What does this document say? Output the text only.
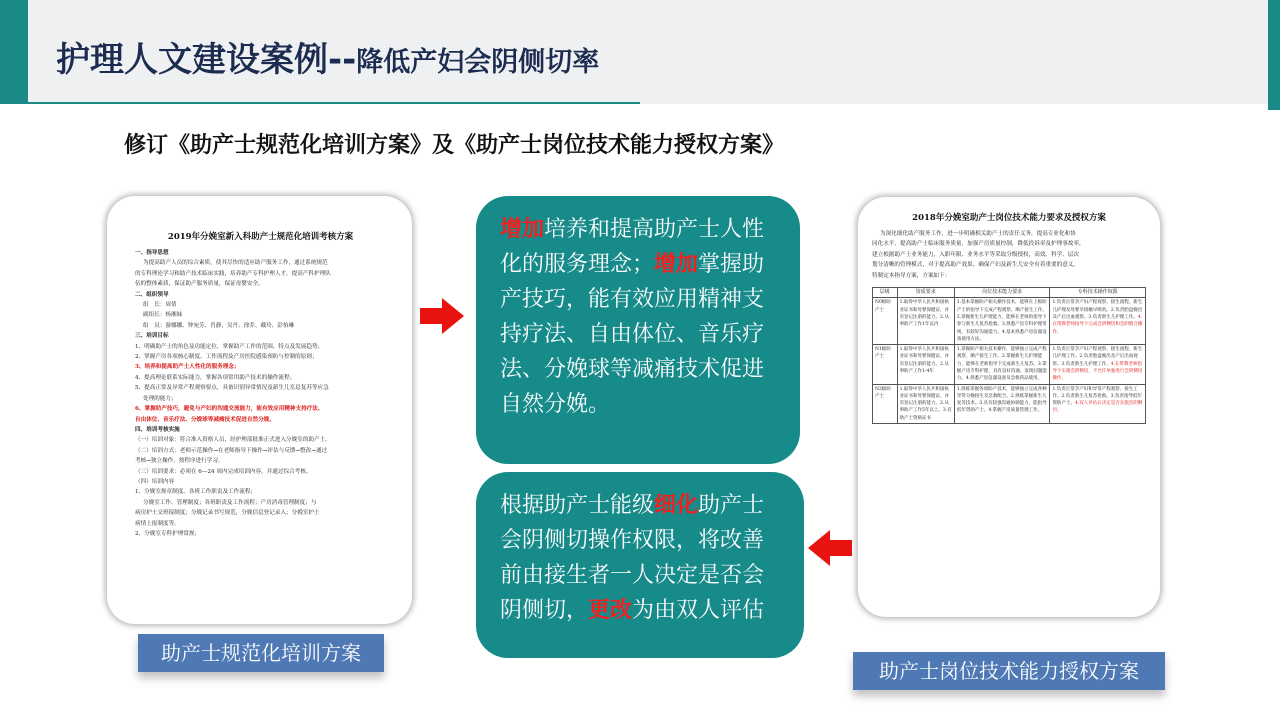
护理人文建设案例--降低产妇会阴侧切率
修订《助产士规范化培训方案》及《助产士岗位技术能力授权方案》
2019年分娩室新入科助产士规范化培训考核方案
一、指导思想
为提高助产人员的综合素质，使其尽快的适应助产服务工作，通过系统规范
的专科理论学习和助产技术临床实践，培养助产专科护理人才，提高产科护理队
伍的整体素质，保证助产服务质量，保证母婴安全。
二、组织领导
组　长：周倩
副组长：杨湘妹
组　员：游娜娜、钟宛芳、肖静、吴丹、徐乔、戴玲、彭怡琳
三、培训目标
1、明确助产士的角色及功能定位，掌握助产工作的范围、特点及发展趋势；
2、掌握产房各项核心制度、工作流程及产房医院感染预防与控制的原则；
3、培养和提高助产士人性化的服务理念；
4、提高理论联系实际能力，掌握各项常用助产技术的操作流程；
5、提高正常及异常产程观察要点，具备识别异常情况及新生儿室息复苏等应急
处理的能力；
6、掌握助产技巧，避免与产妇的沟通交流能力，能有效应用精神支持疗法、
自由体位、音乐疗法、分娩球等减痛技术促进自然分娩。
四、培训考核实施
（一）培训对象：符合准入资格人员，经护理部批准正式进入分娩室的助产士。
（二）培训方式：老师示范操作→在老师指导下操作→评估与反馈→整改→通过
考核→独立操作，按程序进行学习。
（三）培训要求：必须在 6—24 周内完成培训内容，并通过综合考核。
（四）培训内容
1、分娩室规章制度、各班工作职责及工作流程；
分娩室工作、管理制度；各班职责及工作流程；产房消毒管理制度；与
病房护士交班接制度；分娩记录书写规范，分娩信息登记录入；分娩室护士
病情上报制度等。
2、分娩室专科护理常规；
2018年分娩室助产士岗位技术能力要求及授权方案
为深化细化助产服务工作，进一步明确相关助产士的责任义务，提高专业化和协
同化水平，提高助产士临床服务质量，加强产房质量控制，降低投诉率及护理事故率，
建立根据助产士业务能力，入职年限、业务水平等采取分级授权，高效、科学、层次
划分清晰的管理模式，对于提高助产效果、确保产妇及新生儿安全有着重要的意义。
特制定本指导方案，方案如下：
层级	资质要求	岗位技术能力要求	专科技术操作权限
N0级助产士	1.取得中华人民共和国执业证书和母婴保健证，并有登记注册的能力。2.从事助产工作1年以内	1.基本掌握助产相关操作技术，能够在上级助产士的指导下完成产程观察、顺产接生工作。2.掌握新生儿护理能力，能够在老师的指导下参与新生儿复苏抢救。3.熟悉产房专科护理常规，有较好沟通能力。4.基本熟悉产房仪器设备使用方法。	1.负责正常孕产妇产程观察、接生流程，新生儿护理及母婴早接触早吸吮。2.负责胎盘娩出及产后出血观察。3.负责新生儿护理工作。4.在带教老师指导下完成会阴侧切和会阴缝合操作。
N1级助产士	1.取得中华人民共和国执业证书和母婴保健证，并有登记注册的能力。2.从事助产工作1-4年	1.掌握助产相关技术操作，能够独立完成产程观察，顺产接生工作。2.掌握新生儿护理能力，能够在老师指导下完成新生儿复苏。3.掌握产房专科护理，具有良好沟通、发现问题能力。4.熟悉产房仪器设备及急救药品使用。	1.负责正常孕产妇产程观察、接生流程，新生儿护理工作。2.负责胎盘娩出及产后出血观察。3.负责新生儿护理工作。4.在带教老师指导下实施会阴侧切，不允许单独进行会阴侧切操作。
N2级助产士	1.取得中华人民共和国执业证书和母婴保健证，并有登记注册的能力。2.从事助产工作5年以上。3.有助产士资格证书	1.熟练掌握各项助产技术，能够独立完成各种异常分娩接生及急救配合。2.熟练掌握新生儿复苏技术。3.具有较强沟通协调能力，能指导低年资助产士。4.掌握产房质量管理工作。	1.负责正常孕产妇和异常产程观察、接生工作。2.负责新生儿复苏抢救。3.负责指导低年资助产士。4.双人评估后决定是否实施会阴侧切。
助产士规范化培训方案
助产士岗位技术能力授权方案
增加培养和提高助产士人性化的服务理念；增加掌握助产技巧，能有效应用精神支持疗法、自由体位、音乐疗法、分娩球等减痛技术促进自然分娩。
根据助产士能级细化助产士会阴侧切操作权限，将改善前由接生者一人决定是否会阴侧切，更改为由双人评估
